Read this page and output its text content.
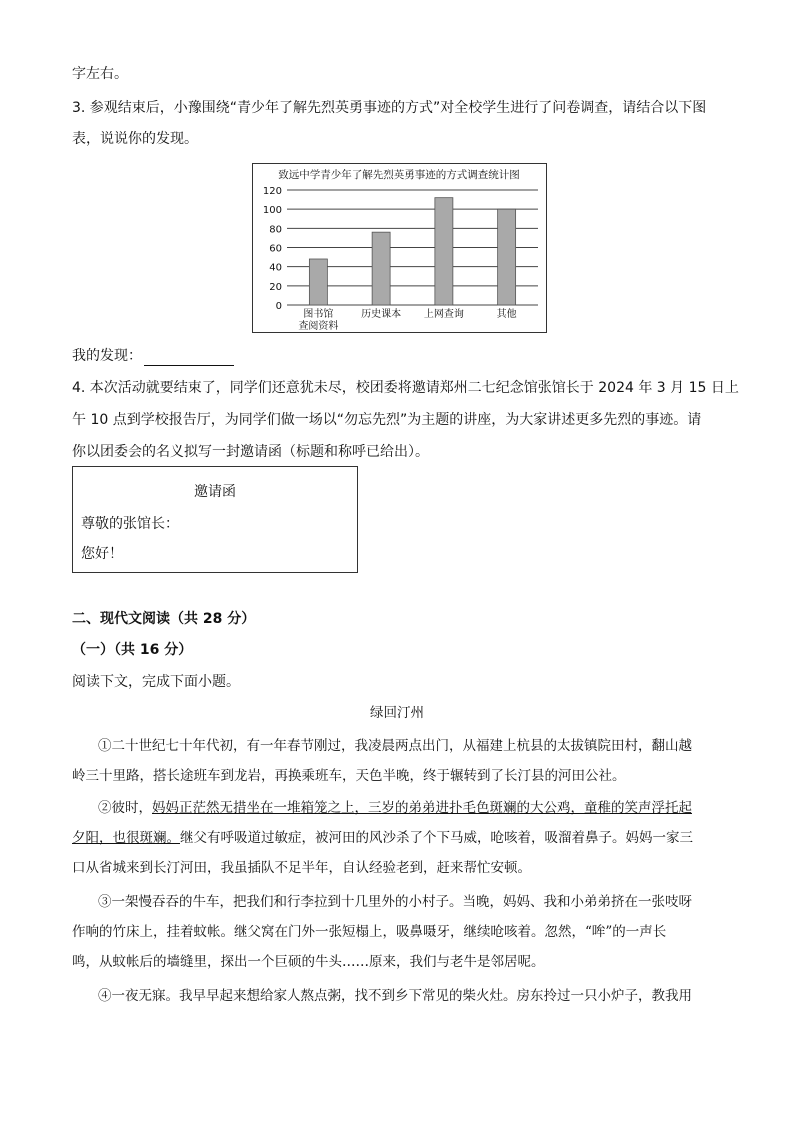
字左右。
3. 参观结束后，小豫围绕“青少年了解先烈英勇事迹的方式”对全校学生进行了问卷调查，请结合以下图
表，说说你的发现。
致远中学青少年了解先烈英勇事迹的方式调查统计图
0
20
40
60
80
100
120
图书馆
查阅资料
历史课本 上网查询	其他
我的发现：
4. 本次活动就要结束了，同学们还意犹未尽，校团委将邀请郑州二七纪念馆张馆长于 2024 年 3 月 15 日上
午 10 点到学校报告厅，为同学们做一场以“勿忘先烈”为主题的讲座，为大家讲述更多先烈的事迹。请
你以团委会的名义拟写一封邀请函（标题和称呼已给出）。
邀请函
尊敬的张馆长：
您好！
二、现代文阅读（共 28 分）
（一）（共 16 分）
阅读下文，完成下面小题。
绿回汀州
①二十世纪七十年代初，有一年春节刚过，我凌晨两点出门，从福建上杭县的太拔镇院田村，翻山越
岭三十里路，搭长途班车到龙岩，再换乘班车，天色半晚，终于辗转到了长汀县的河田公社。
②彼时，妈妈正茫然无措坐在一堆箱笼之上，三岁的弟弟进扑毛色斑斓的大公鸡，童稚的笑声浮托起
夕阳，也很斑斓。继父有呼吸道过敏症，被河田的风沙杀了个下马威，呛咳着，吸溜着鼻子。妈妈一家三
口从省城来到长汀河田，我虽插队不足半年，自认经验老到，赶来帮忙安顿。
③一架慢吞吞的牛车，把我们和行李拉到十几里外的小村子。当晚，妈妈、我和小弟弟挤在一张吱呀
作响的竹床上，挂着蚊帐。继父窝在门外一张短榻上，吸鼻嗫牙，继续呛咳着。忽然，“哞”的一声长
鸣，从蚊帐后的墙缝里，探出一个巨硕的牛头……原来，我们与老牛是邻居呢。
④一夜无寐。我早早起来想给家人熬点粥，找不到乡下常见的柴火灶。房东拎过一只小炉子，教我用
